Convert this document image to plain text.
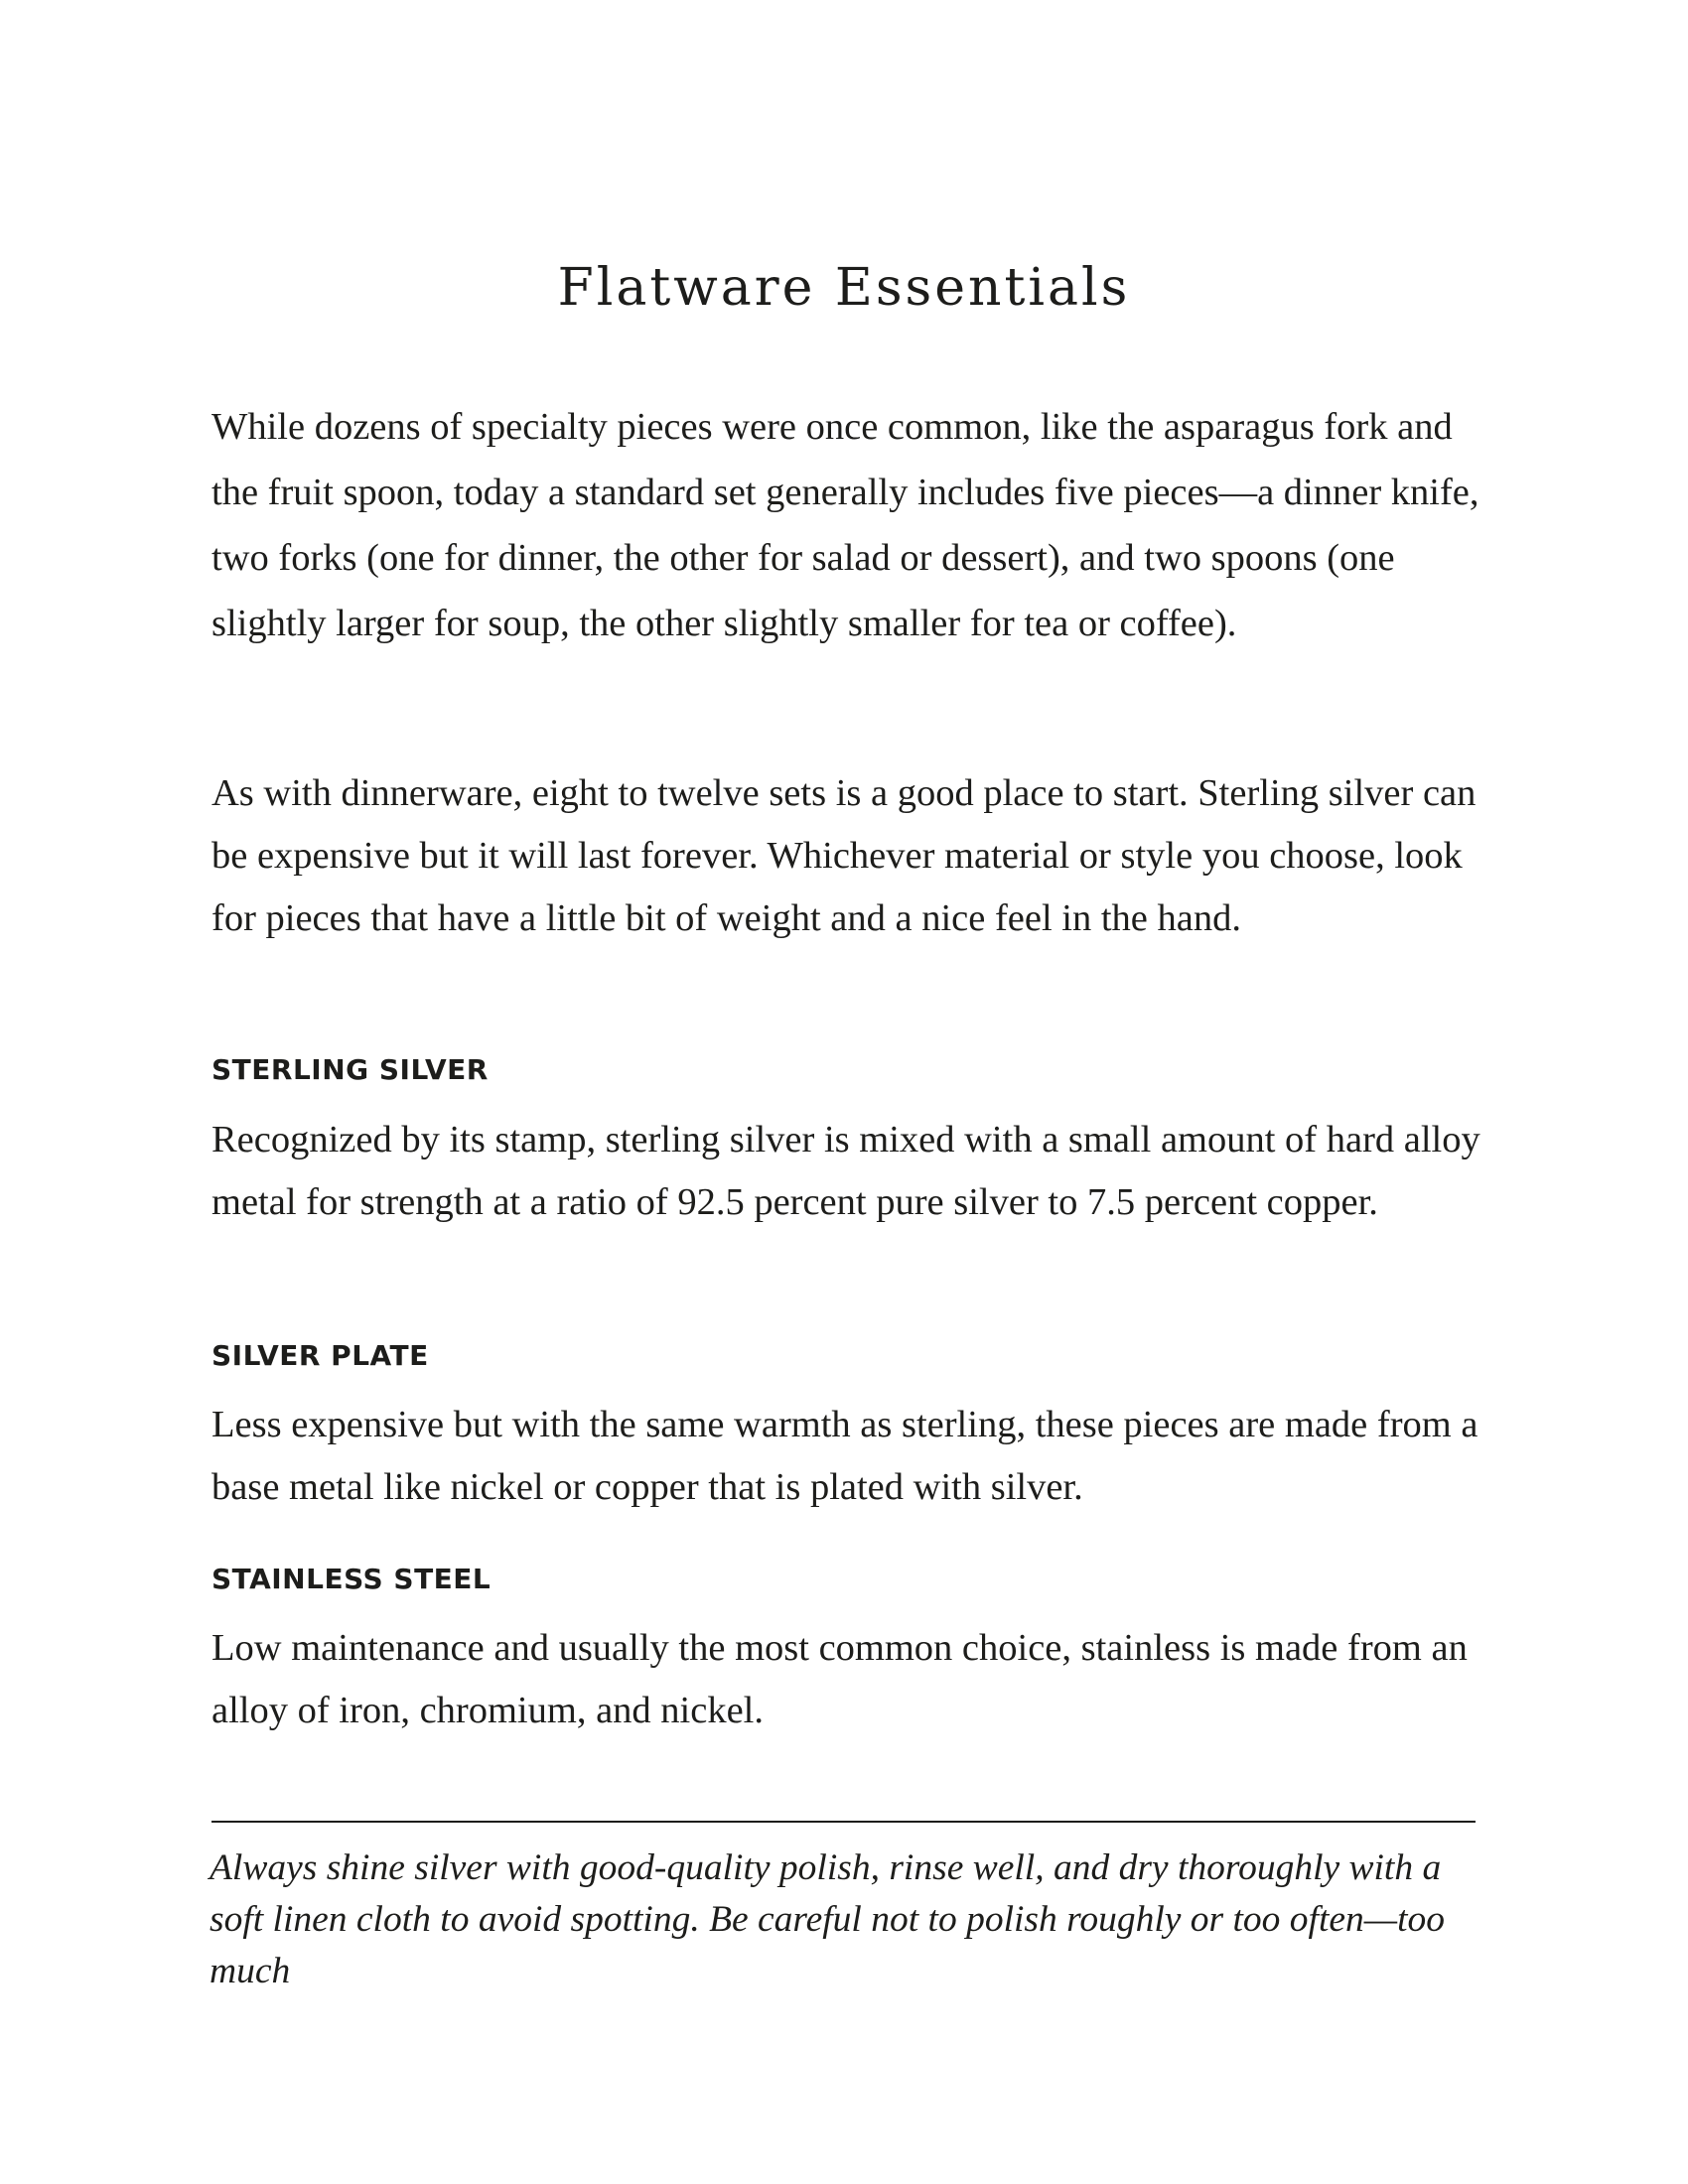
Flatware Essentials

While dozens of specialty pieces were once common, like the asparagus fork and the fruit spoon, today a standard set generally includes five pieces—a dinner knife, two forks (one for dinner, the other for salad or dessert), and two spoons (one slightly larger for soup, the other slightly smaller for tea or coffee).

As with dinnerware, eight to twelve sets is a good place to start. Sterling silver can be expensive but it will last forever. Whichever material or style you choose, look for pieces that have a little bit of weight and a nice feel in the hand.

STERLING SILVER

Recognized by its stamp, sterling silver is mixed with a small amount of hard alloy metal for strength at a ratio of 92.5 percent pure silver to 7.5 percent copper.

SILVER PLATE

Less expensive but with the same warmth as sterling, these pieces are made from a base metal like nickel or copper that is plated with silver.

STAINLESS STEEL

Low maintenance and usually the most common choice, stainless is made from an alloy of iron, chromium, and nickel.

Always shine silver with good-quality polish, rinse well, and dry thoroughly with a soft linen cloth to avoid spotting. Be careful not to polish roughly or too often—too much
